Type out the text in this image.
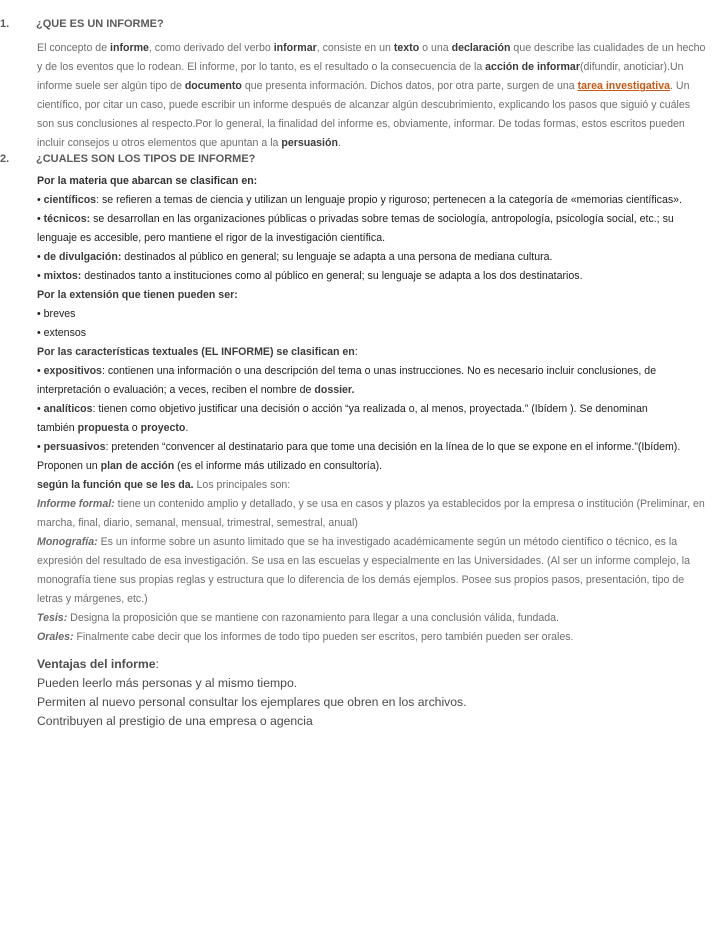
1.	¿QUE ES UN INFORME?
El concepto de informe, como derivado del verbo informar, consiste en un texto o una declaración que describe las cualidades de un hecho
y de los eventos que lo rodean. El informe, por lo tanto, es el resultado o la consecuencia de la acción de informar(difundir, anoticiar).Un
informe suele ser algún tipo de documento que presenta información. Dichos datos, por otra parte, surgen de una tarea investigativa. Un
científico, por citar un caso, puede escribir un informe después de alcanzar algún descubrimiento, explicando los pasos que siguió y cuáles
son sus conclusiones al respecto.Por lo general, la finalidad del informe es, obviamente, informar. De todas formas, estos escritos pueden
incluir consejos u otros elementos que apuntan a la persuasión.
2.	¿CUALES SON LOS TIPOS DE INFORME?
Por la materia que abarcan se clasifican en:
• científicos: se refieren a temas de ciencia y utilizan un lenguaje propio y riguroso; pertenecen a la categoría de «memorias científicas».
• técnicos: se desarrollan en las organizaciones públicas o privadas sobre temas de sociología, antropología, psicología social, etc.; su
lenguaje es accesible, pero mantiene el rigor de la investigación científica.
• de divulgación: destinados al público en general; su lenguaje se adapta a una persona de mediana cultura.
• mixtos: destinados tanto a instituciones como al público en general; su lenguaje se adapta a los dos destinatarios.
Por la extensión que tienen pueden ser:
• breves
• extensos
Por las características textuales (EL INFORME) se clasifican en:
• expositivos: contienen una información o una descripción del tema o unas instrucciones. No es necesario incluir conclusiones, de
interpretación o evaluación; a veces, reciben el nombre de dossier.
• analíticos: tienen como objetivo justificar una decisión o acción “ya realizada o, al menos, proyectada.” (Ibídem ). Se denominan
también propuesta o proyecto.
• persuasivos: pretenden “convencer al destinatario para que tome una decisión en la línea de lo que se expone en el informe.”(Ibídem).
Proponen un plan de acción (es el informe más utilizado en consultoría).
según la función que se les da. Los principales son:
Informe formal: tiene un contenido amplio y detallado, y se usa en casos y plazos ya establecidos por la empresa o institución (Preliminar, en
marcha, final, diario, semanal, mensual, trimestral, semestral, anual)
Monografía: Es un informe sobre un asunto limitado que se ha investigado académicamente según un método científico o técnico, es la
expresión del resultado de esa investigación. Se usa en las escuelas y especialmente en las Universidades. (Al ser un informe complejo, la
monografía tiene sus propias reglas y estructura que lo diferencia de los demás ejemplos. Posee sus propios pasos, presentación, tipo de
letras y márgenes, etc.)
Tesis: Designa la proposición que se mantiene con razonamiento para llegar a una conclusión válida, fundada.
Orales: Finalmente cabe decir que los informes de todo tipo pueden ser escritos, pero también pueden ser orales.
Ventajas del informe:
Pueden leerlo más personas y al mismo tiempo.
Permiten al nuevo personal consultar los ejemplares que obren en los archivos.
Contribuyen al prestigio de una empresa o agencia
